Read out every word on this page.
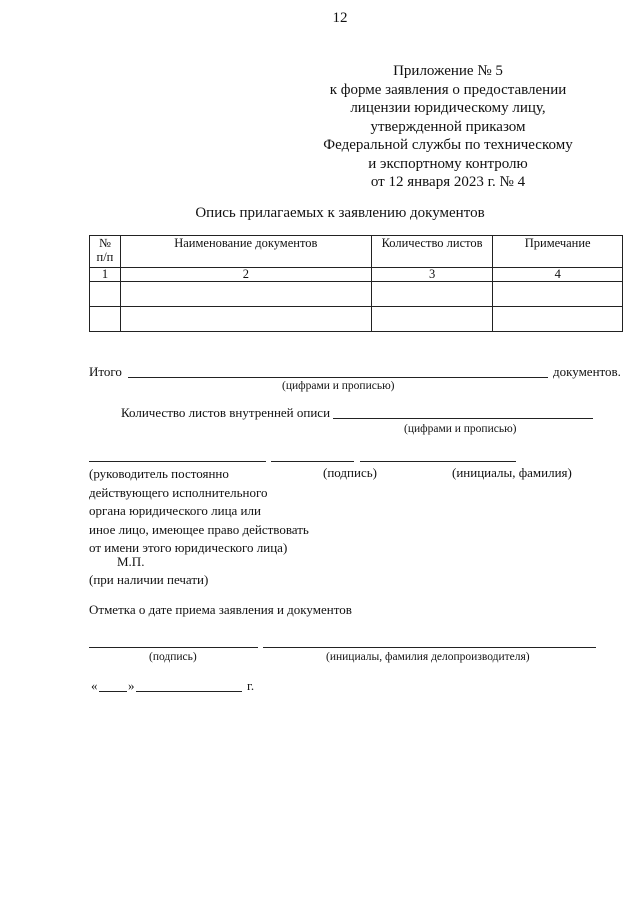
12
Приложение № 5
к форме заявления о предоставлении
лицензии юридическому лицу,
утвержденной приказом
Федеральной службы по техническому
и экспортному контролю
от 12 января 2023 г. № 4
Опись прилагаемых к заявлению документов
№
п/п	Наименование документов	Количество листов	Примечание
1	2	3	4

Итого	документов.
(цифрами и прописью)
Количество листов внутренней описи
(цифрами и прописью)
(руководитель постоянно
действующего исполнительного
органа юридического лица или
иное лицо, имеющее право действовать
от имени этого юридического лица)
(подпись)	(инициалы, фамилия)
М.П.
(при наличии печати)
Отметка о дате приема заявления и документов
(подпись)	(инициалы, фамилия делопроизводителя)
« »	г.
